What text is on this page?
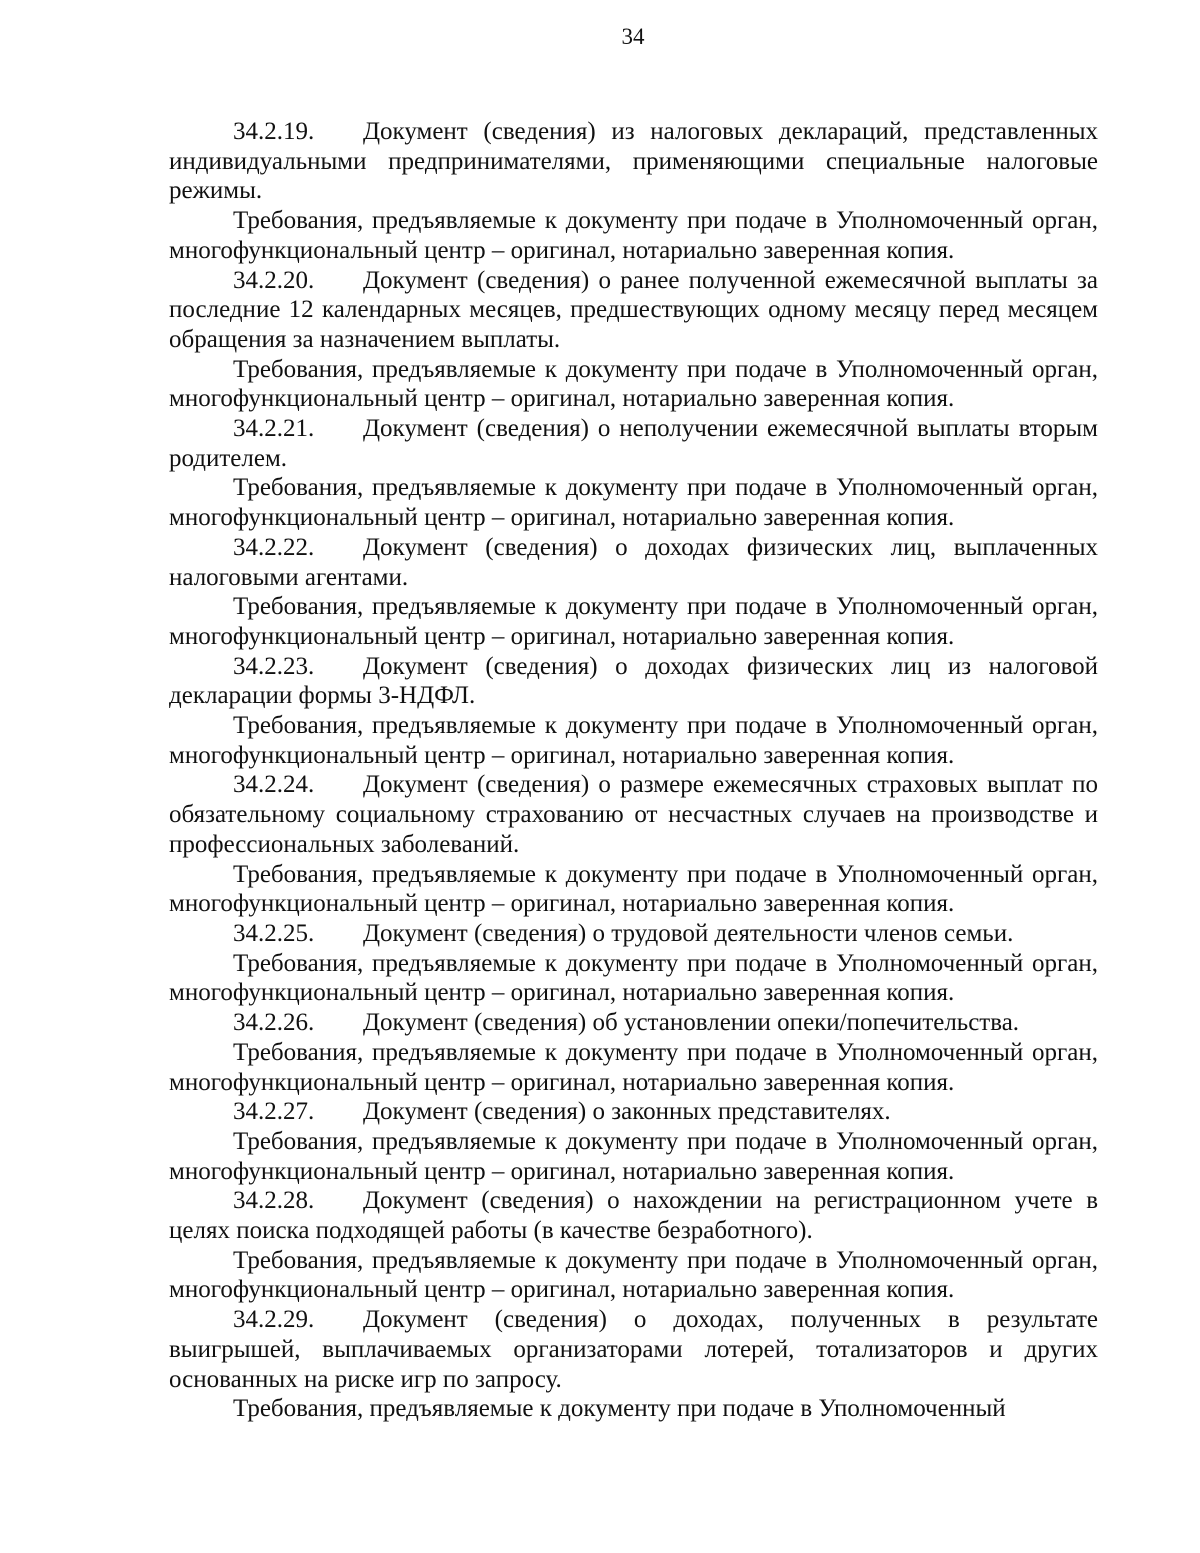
34

34.2.19. Документ (сведения) из налоговых деклараций, представленных индивидуальными предпринимателями, применяющими специальные налоговые режимы.

Требования, предъявляемые к документу при подаче в Уполномоченный орган, многофункциональный центр – оригинал, нотариально заверенная копия.

34.2.20. Документ (сведения) о ранее полученной ежемесячной выплаты за последние 12 календарных месяцев, предшествующих одному месяцу перед месяцем обращения за назначением выплаты.

Требования, предъявляемые к документу при подаче в Уполномоченный орган, многофункциональный центр – оригинал, нотариально заверенная копия.

34.2.21. Документ (сведения) о неполучении ежемесячной выплаты вторым родителем.

Требования, предъявляемые к документу при подаче в Уполномоченный орган, многофункциональный центр – оригинал, нотариально заверенная копия.

34.2.22. Документ (сведения) о доходах физических лиц, выплаченных налоговыми агентами.

Требования, предъявляемые к документу при подаче в Уполномоченный орган, многофункциональный центр – оригинал, нотариально заверенная копия.

34.2.23. Документ (сведения) о доходах физических лиц из налоговой декларации формы 3-НДФЛ.

Требования, предъявляемые к документу при подаче в Уполномоченный орган, многофункциональный центр – оригинал, нотариально заверенная копия.

34.2.24. Документ (сведения) о размере ежемесячных страховых выплат по обязательному социальному страхованию от несчастных случаев на производстве и профессиональных заболеваний.

Требования, предъявляемые к документу при подаче в Уполномоченный орган, многофункциональный центр – оригинал, нотариально заверенная копия.

34.2.25. Документ (сведения) о трудовой деятельности членов семьи.

Требования, предъявляемые к документу при подаче в Уполномоченный орган, многофункциональный центр – оригинал, нотариально заверенная копия.

34.2.26. Документ (сведения) об установлении опеки/попечительства.

Требования, предъявляемые к документу при подаче в Уполномоченный орган, многофункциональный центр – оригинал, нотариально заверенная копия.

34.2.27. Документ (сведения) о законных представителях.

Требования, предъявляемые к документу при подаче в Уполномоченный орган, многофункциональный центр – оригинал, нотариально заверенная копия.

34.2.28. Документ (сведения) о нахождении на регистрационном учете в целях поиска подходящей работы (в качестве безработного).

Требования, предъявляемые к документу при подаче в Уполномоченный орган, многофункциональный центр – оригинал, нотариально заверенная копия.

34.2.29. Документ (сведения) о доходах, полученных в результате выигрышей, выплачиваемых организаторами лотерей, тотализаторов и других основанных на риске игр по запросу.

Требования, предъявляемые к документу при подаче в Уполномоченный
